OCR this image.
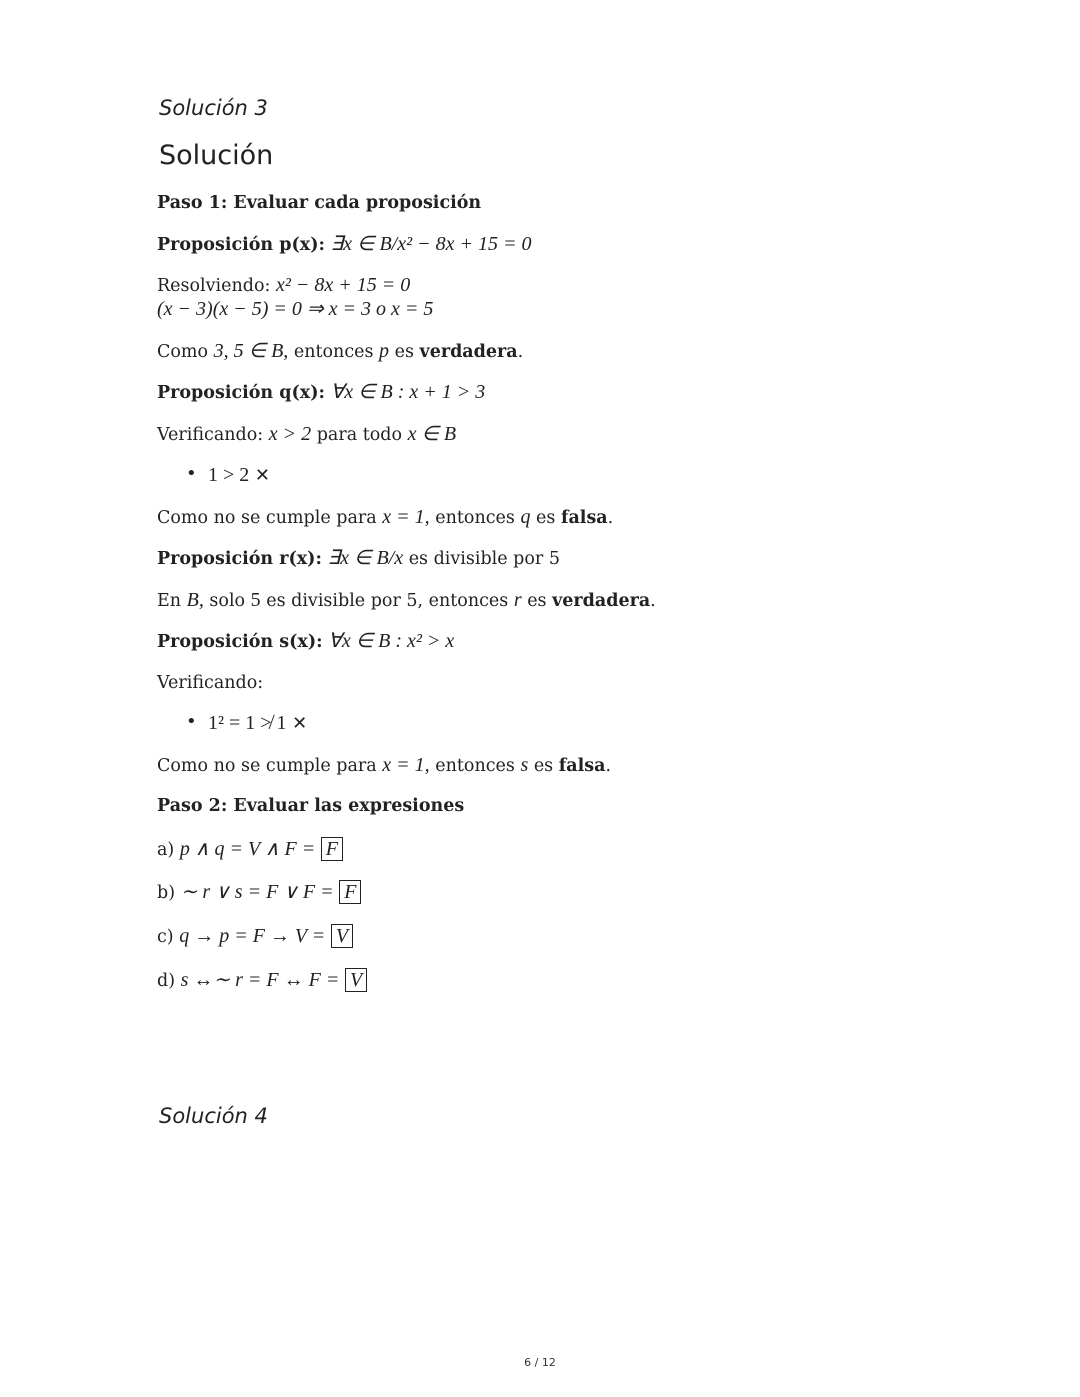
Solución 3
Solución
Paso 1: Evaluar cada proposición
Proposición p(x): ∃x ∈ B/x² − 8x + 15 = 0
Resolviendo: x² − 8x + 15 = 0
(x − 3)(x − 5) = 0 ⇒ x = 3 o x = 5
Como 3, 5 ∈ B, entonces p es verdadera.
Proposición q(x): ∀x ∈ B : x + 1 > 3
Verificando: x > 2 para todo x ∈ B
• 1 > 2 ✕
Como no se cumple para x = 1, entonces q es falsa.
Proposición r(x): ∃x ∈ B/x es divisible por 5
En B, solo 5 es divisible por 5, entonces r es verdadera.
Proposición s(x): ∀x ∈ B : x² > x
Verificando:
• 1² = 1 ≯ 1 ✕
Como no se cumple para x = 1, entonces s es falsa.
Paso 2: Evaluar las expresiones
a) p ∧ q = V ∧ F = F
b) ∼ r ∨ s = F ∨ F = F
c) q → p = F → V = V
d) s ↔∼ r = F ↔ F = V
Solución 4
6 / 12
